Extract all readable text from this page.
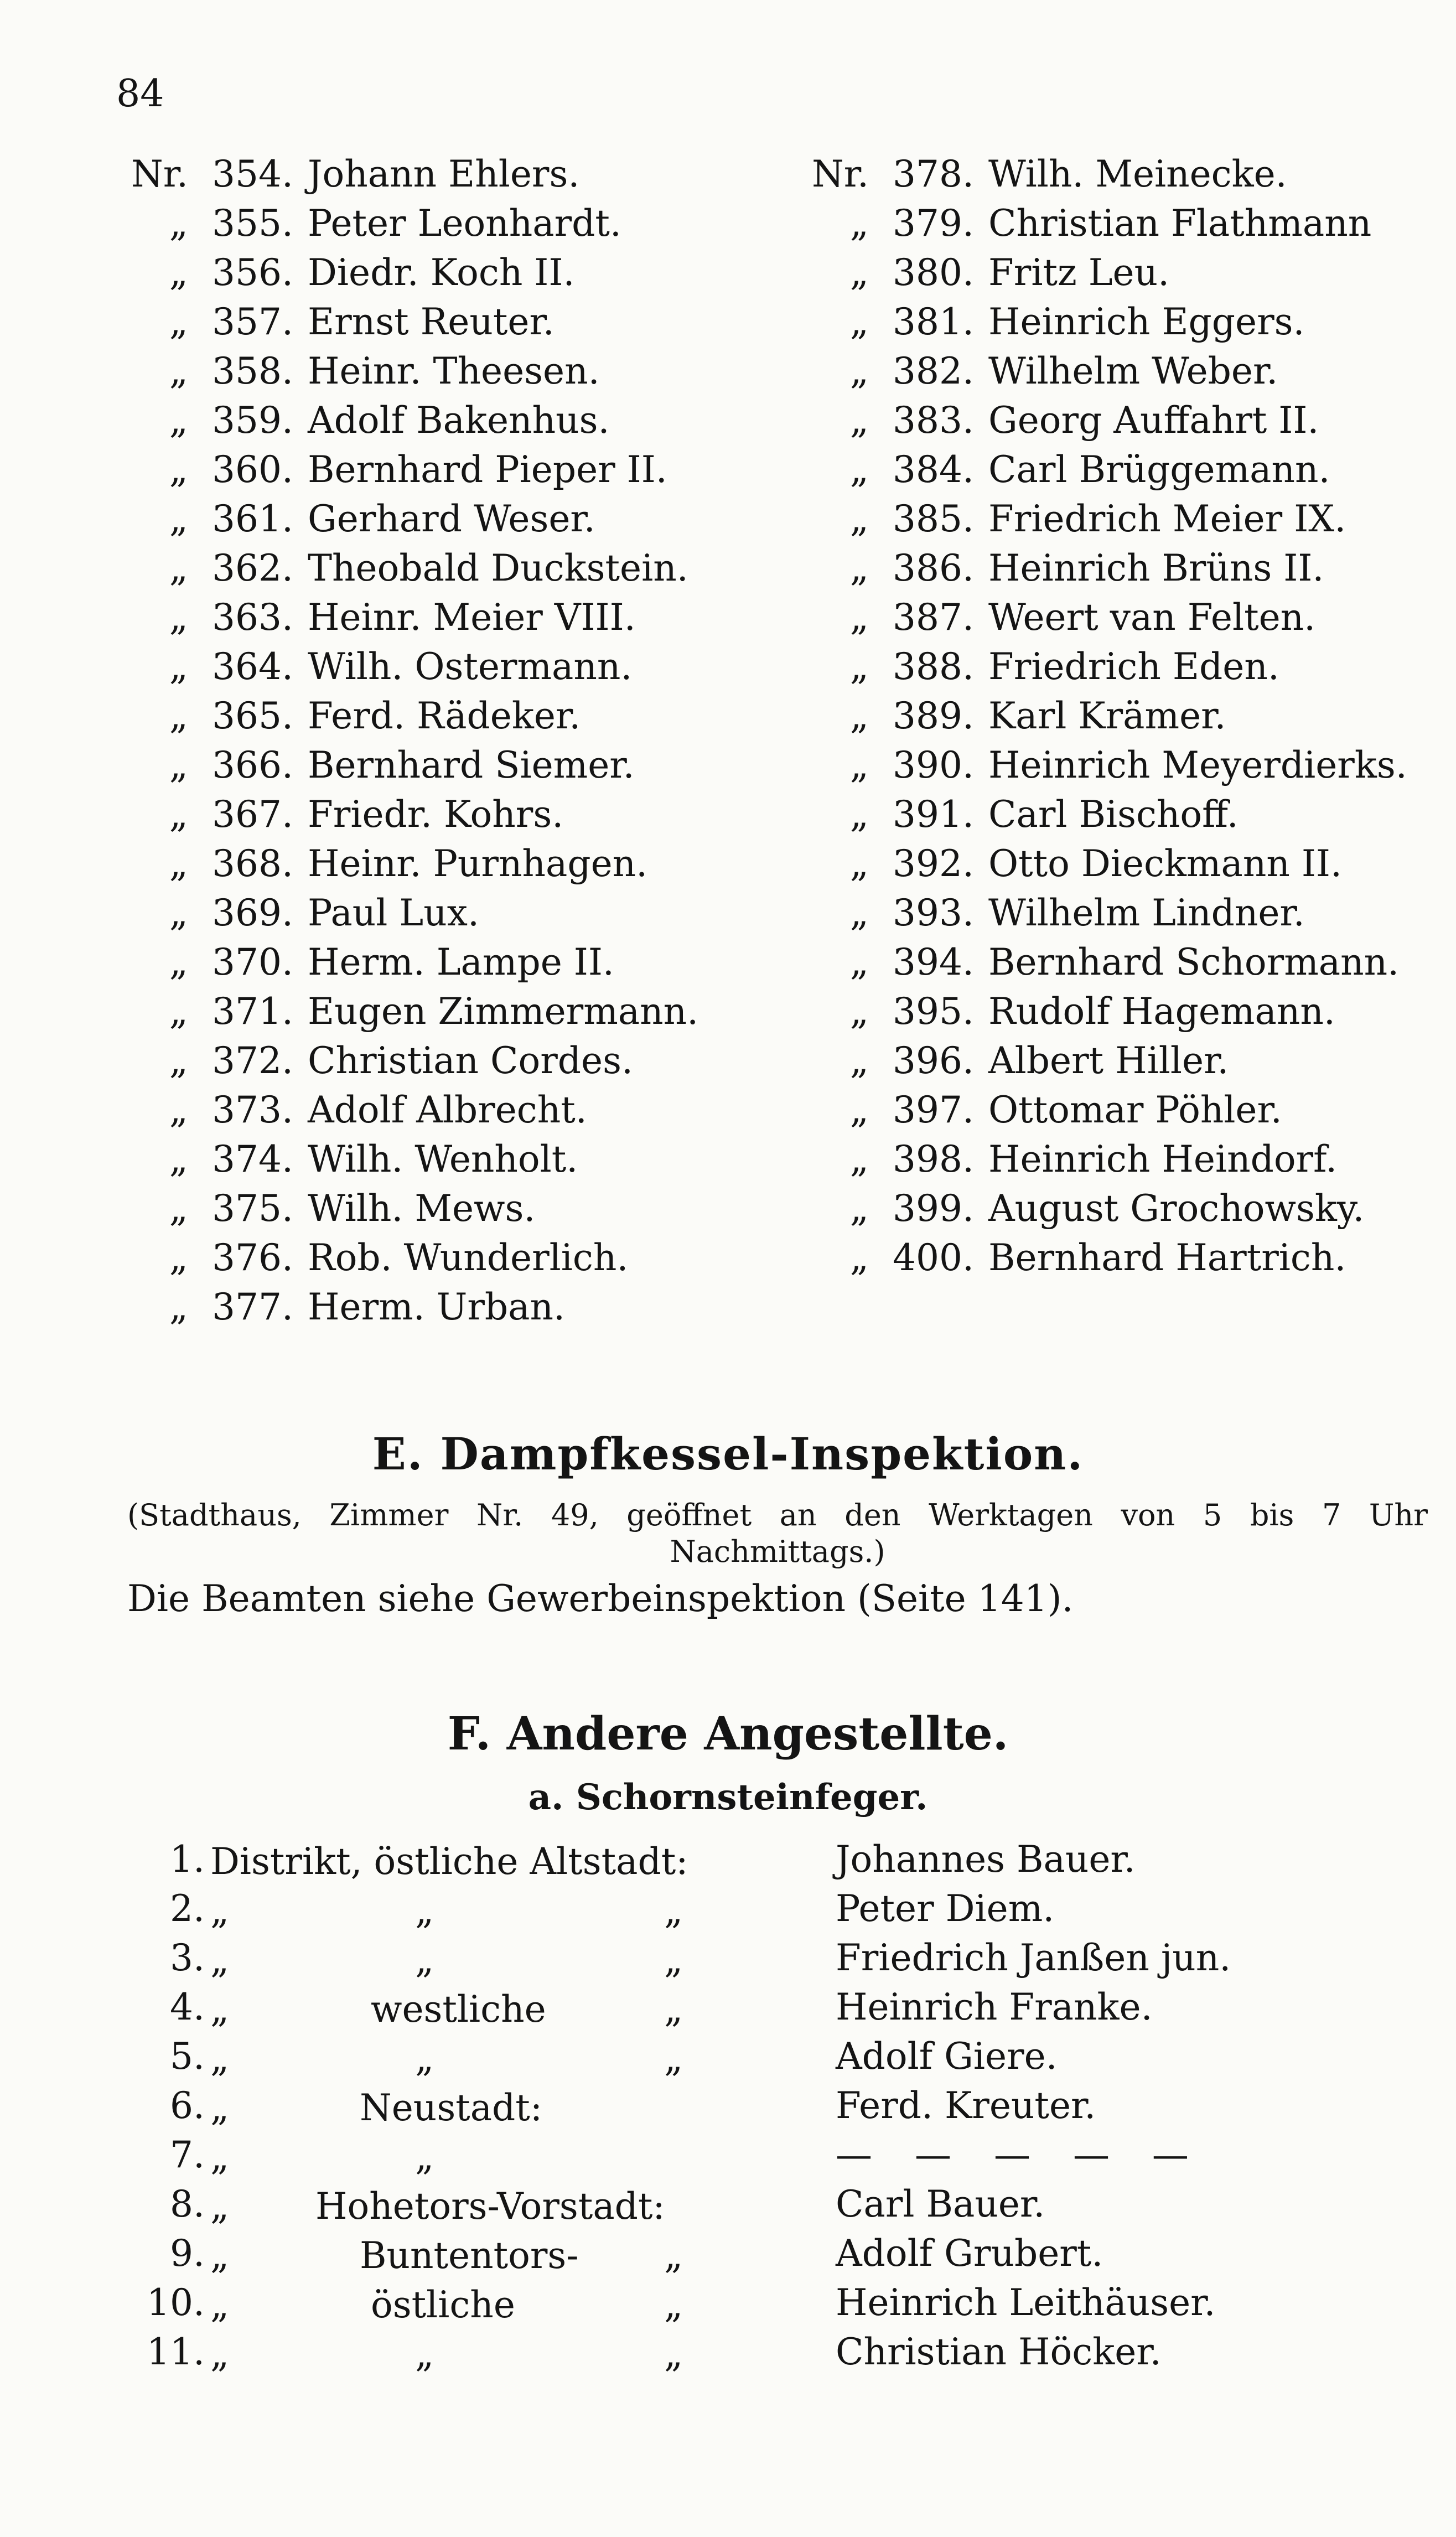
84
Nr. 354. Johann Ehlers.
„ 355. Peter Leonhardt.
„ 356. Diedr. Koch II.
„ 357. Ernst Reuter.
„ 358. Heinr. Theesen.
„ 359. Adolf Bakenhus.
„ 360. Bernhard Pieper II.
„ 361. Gerhard Weser.
„ 362. Theobald Duckstein.
„ 363. Heinr. Meier VIII.
„ 364. Wilh. Ostermann.
„ 365. Ferd. Rädeker.
„ 366. Bernhard Siemer.
„ 367. Friedr. Kohrs.
„ 368. Heinr. Purnhagen.
„ 369. Paul Lux.
„ 370. Herm. Lampe II.
„ 371. Eugen Zimmermann.
„ 372. Christian Cordes.
„ 373. Adolf Albrecht.
„ 374. Wilh. Wenholt.
„ 375. Wilh. Mews.
„ 376. Rob. Wunderlich.
„ 377. Herm. Urban.
Nr. 378. Wilh. Meinecke.
„ 379. Christian Flathmann
„ 380. Fritz Leu.
„ 381. Heinrich Eggers.
„ 382. Wilhelm Weber.
„ 383. Georg Auffahrt II.
„ 384. Carl Brüggemann.
„ 385. Friedrich Meier IX.
„ 386. Heinrich Brüns II.
„ 387. Weert van Felten.
„ 388. Friedrich Eden.
„ 389. Karl Krämer.
„ 390. Heinrich Meyerdierks.
„ 391. Carl Bischoff.
„ 392. Otto Dieckmann II.
„ 393. Wilhelm Lindner.
„ 394. Bernhard Schormann.
„ 395. Rudolf Hagemann.
„ 396. Albert Hiller.
„ 397. Ottomar Pöhler.
„ 398. Heinrich Heindorf.
„ 399. August Grochowsky.
„ 400. Bernhard Hartrich.
E. Dampfkessel-Inspektion.
(Stadthaus, Zimmer Nr. 49, geöffnet an den Werktagen von 5 bis 7 Uhr
Nachmittags.)
Die Beamten siehe Gewerbeinspektion (Seite 141).
F. Andere Angestellte.
a. Schornsteinfeger.
1. Distrikt, östliche Altstadt:	Johannes Bauer.
2. „	„	„	Peter Diem.
3. „	„	„	Friedrich Janßen jun.
4. „	westliche	„	Heinrich Franke.
5. „	„	„	Adolf Giere.
6. „	Neustadt:	Ferd. Kreuter.
7. „	„	— — — — —
8. „ Hohetors-Vorstadt:	Carl Bauer.
9. „	Buntentors- „	Adolf Grubert.
10. „	östliche	„	Heinrich Leithäuser.
11. „	„	„	Christian Höcker.
